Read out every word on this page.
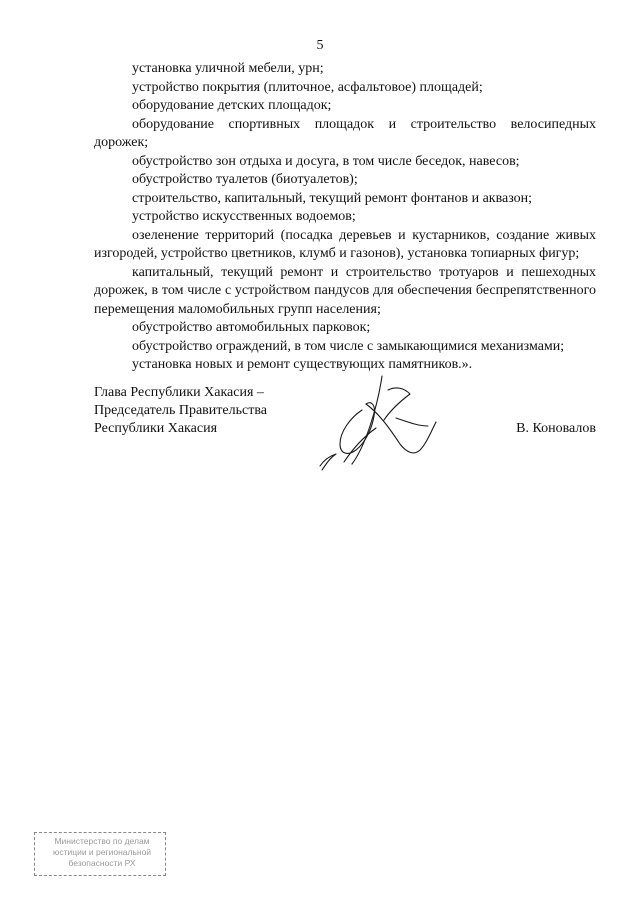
5

установка уличной мебели, урн;

устройство покрытия (плиточное, асфальтовое) площадей;

оборудование детских площадок;

оборудование спортивных площадок и строительство велосипедных дорожек;

обустройство зон отдыха и досуга, в том числе беседок, навесов;

обустройство туалетов (биотуалетов);

строительство, капитальный, текущий ремонт фонтанов и аквазон;

устройство искусственных водоемов;

озеленение территорий (посадка деревьев и кустарников, создание живых изгородей, устройство цветников, клумб и газонов), установка топиарных фигур;

капитальный, текущий ремонт и строительство тротуаров и пешеходных дорожек, в том числе с устройством пандусов для обеспечения беспрепятственного перемещения маломобильных групп населения;

обустройство автомобильных парковок;

обустройство ограждений, в том числе с замыкающимися механизмами;

установка новых и ремонт существующих памятников.».

Глава Республики Хакасия –
Председатель Правительства
Республики Хакасия	В. Коновалов

Министерство по делам
юстиции и региональной
безопасности РХ
